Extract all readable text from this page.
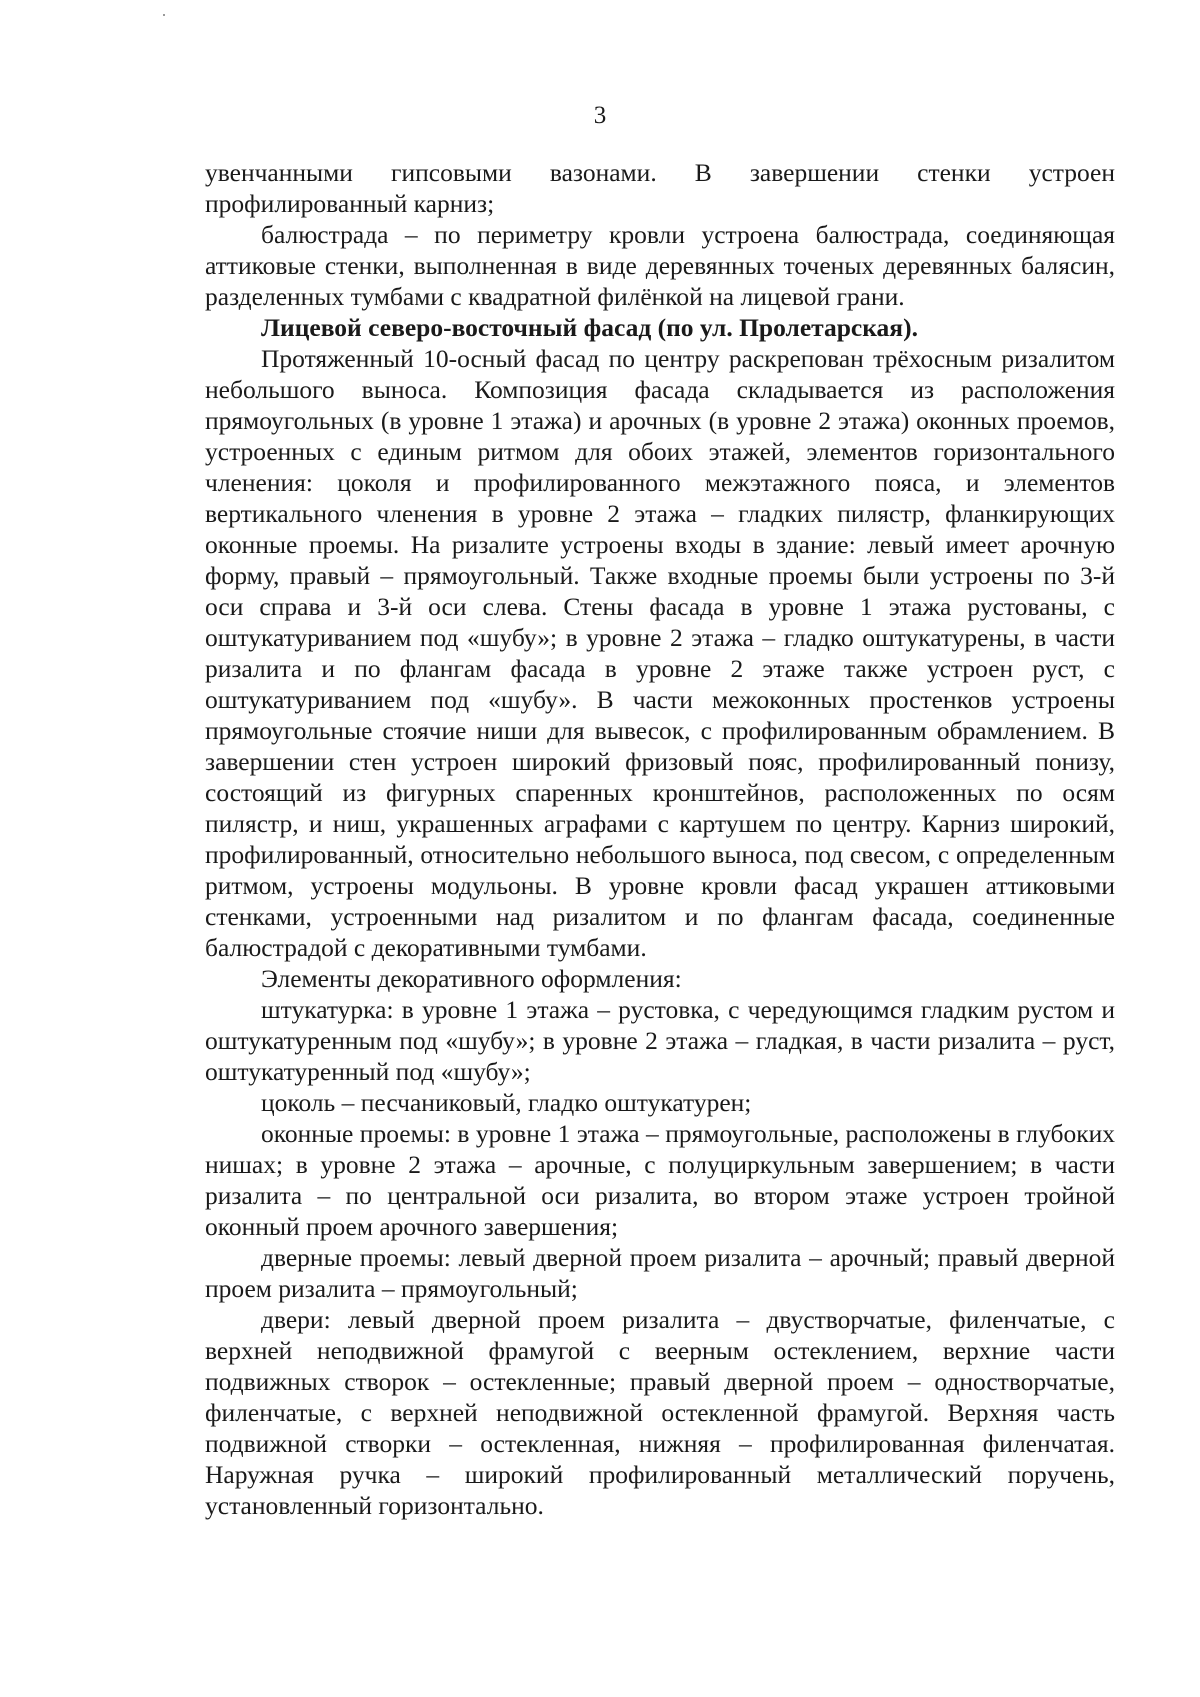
3

увенчанными гипсовыми вазонами. В завершении стенки устроен профилированный карниз;

балюстрада – по периметру кровли устроена балюстрада, соединяющая аттиковые стенки, выполненная в виде деревянных точеных деревянных балясин, разделенных тумбами с квадратной филёнкой на лицевой грани.

Лицевой северо-восточный фасад (по ул. Пролетарская).

Протяженный 10-осный фасад по центру раскрепован трёхосным ризалитом небольшого выноса. Композиция фасада складывается из расположения прямоугольных (в уровне 1 этажа) и арочных (в уровне 2 этажа) оконных проемов, устроенных с единым ритмом для обоих этажей, элементов горизонтального членения: цоколя и профилированного межэтажного пояса, и элементов вертикального членения в уровне 2 этажа – гладких пилястр, фланкирующих оконные проемы. На ризалите устроены входы в здание: левый имеет арочную форму, правый – прямоугольный. Также входные проемы были устроены по 3-й оси справа и 3-й оси слева. Стены фасада в уровне 1 этажа рустованы, с оштукатуриванием под «шубу»; в уровне 2 этажа – гладко оштукатурены, в части ризалита и по флангам фасада в уровне 2 этаже также устроен руст, с оштукатуриванием под «шубу». В части межоконных простенков устроены прямоугольные стоячие ниши для вывесок, с профилированным обрамлением. В завершении стен устроен широкий фризовый пояс, профилированный понизу, состоящий из фигурных спаренных кронштейнов, расположенных по осям пилястр, и ниш, украшенных аграфами с картушем по центру. Карниз широкий, профилированный, относительно небольшого выноса, под свесом, с определенным ритмом, устроены модульоны. В уровне кровли фасад украшен аттиковыми стенками, устроенными над ризалитом и по флангам фасада, соединенные балюстрадой с декоративными тумбами.

Элементы декоративного оформления:

штукатурка: в уровне 1 этажа – рустовка, с чередующимся гладким рустом и оштукатуренным под «шубу»; в уровне 2 этажа – гладкая, в части ризалита – руст, оштукатуренный под «шубу»;

цоколь – песчаниковый, гладко оштукатурен;

оконные проемы: в уровне 1 этажа – прямоугольные, расположены в глубоких нишах; в уровне 2 этажа – арочные, с полуциркульным завершением; в части ризалита – по центральной оси ризалита, во втором этаже устроен тройной оконный проем арочного завершения;

дверные проемы: левый дверной проем ризалита – арочный; правый дверной проем ризалита – прямоугольный;

двери: левый дверной проем ризалита – двустворчатые, филенчатые, с верхней неподвижной фрамугой с веерным остеклением, верхние части подвижных створок – остекленные; правый дверной проем – одностворчатые, филенчатые, с верхней неподвижной остекленной фрамугой. Верхняя часть подвижной створки – остекленная, нижняя – профилированная филенчатая. Наружная ручка – широкий профилированный металлический поручень, установленный горизонтально.
